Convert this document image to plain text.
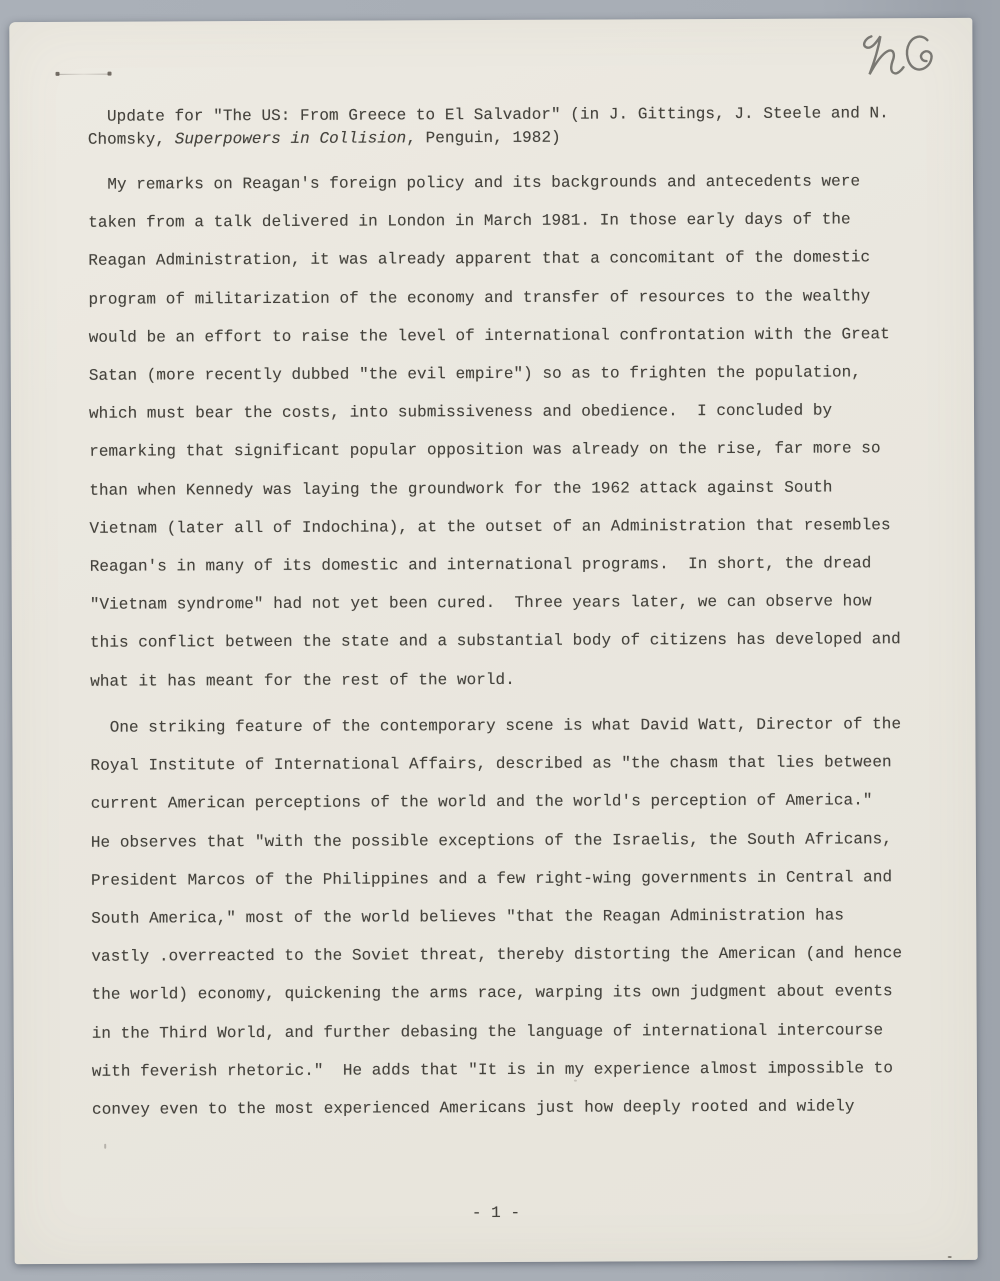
Update for "The US: From Greece to El Salvador" (in J. Gittings, J. Steele and N.
Chomsky, Superpowers in Collision, Penguin, 1982)
My remarks on Reagan's foreign policy and its backgrounds and antecedents were
taken from a talk delivered in London in March 1981. In those early days of the
Reagan Administration, it was already apparent that a concomitant of the domestic
program of militarization of the economy and transfer of resources to the wealthy
would be an effort to raise the level of international confrontation with the Great
Satan (more recently dubbed "the evil empire") so as to frighten the population,
which must bear the costs, into submissiveness and obedience.  I concluded by
remarking that significant popular opposition was already on the rise, far more so
than when Kennedy was laying the groundwork for the 1962 attack against South
Vietnam (later all of Indochina), at the outset of an Administration that resembles
Reagan's in many of its domestic and international programs.  In short, the dread
"Vietnam syndrome" had not yet been cured.  Three years later, we can observe how
this conflict between the state and a substantial body of citizens has developed and
what it has meant for the rest of the world.
One striking feature of the contemporary scene is what David Watt, Director of the
Royal Institute of International Affairs, described as "the chasm that lies between
current American perceptions of the world and the world's perception of America."
He observes that "with the possible exceptions of the Israelis, the South Africans,
President Marcos of the Philippines and a few right-wing governments in Central and
South America," most of the world believes "that the Reagan Administration has
vastly .overreacted to the Soviet threat, thereby distorting the American (and hence
the world) economy, quickening the arms race, warping its own judgment about events
in the Third World, and further debasing the language of international intercourse
with feverish rhetoric."  He adds that "It is in my experience almost impossible to
convey even to the most experienced Americans just how deeply rooted and widely
- 1 -
